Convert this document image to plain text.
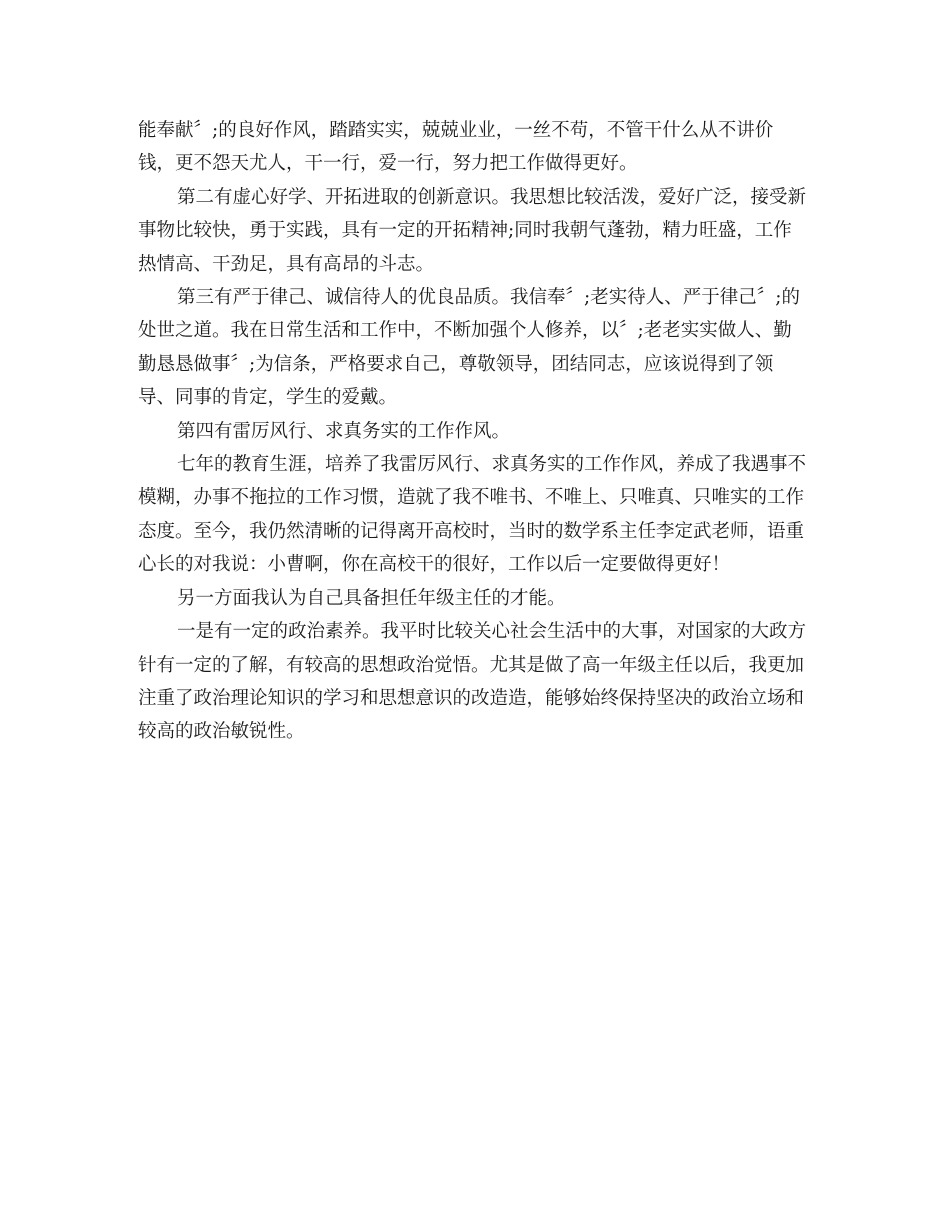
能奉献〞;的良好作风，踏踏实实，兢兢业业，一丝不苟，不管干什么从不讲价
钱，更不怨天尤人，干一行，爱一行，努力把工作做得更好。

第二有虚心好学、开拓进取的创新意识。我思想比较活泼，爱好广泛，接受新
事物比较快，勇于实践，具有一定的开拓精神;同时我朝气蓬勃，精力旺盛，工作
热情高、干劲足，具有高昂的斗志。

第三有严于律己、诚信待人的优良品质。我信奉〞;老实待人、严于律己〞;的
处世之道。我在日常生活和工作中，不断加强个人修养，以〞;老老实实做人、勤
勤恳恳做事〞;为信条，严格要求自己，尊敬领导，团结同志，应该说得到了领
导、同事的肯定，学生的爱戴。

第四有雷厉风行、求真务实的工作作风。

七年的教育生涯，培养了我雷厉风行、求真务实的工作作风，养成了我遇事不
模糊，办事不拖拉的工作习惯，造就了我不唯书、不唯上、只唯真、只唯实的工作
态度。至今，我仍然清晰的记得离开高校时，当时的数学系主任李定武老师，语重
心长的对我说：小曹啊，你在高校干的很好，工作以后一定要做得更好！

另一方面我认为自己具备担任年级主任的才能。

一是有一定的政治素养。我平时比较关心社会生活中的大事，对国家的大政方
针有一定的了解，有较高的思想政治觉悟。尤其是做了高一年级主任以后，我更加
注重了政治理论知识的学习和思想意识的改造造，能够始终保持坚决的政治立场和
较高的政治敏锐性。
